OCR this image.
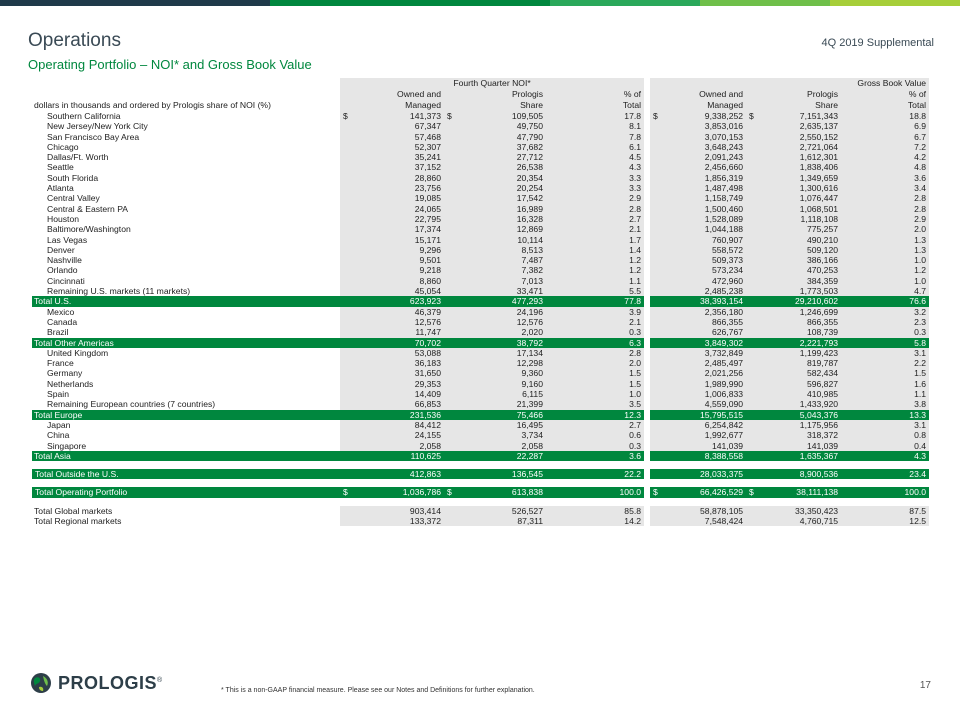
Operations
Operating Portfolio – NOI* and Gross Book Value
4Q 2019 Supplemental
	Fourth Quarter NOI*				Gross Book Value		
	Owned and	Prologis	% of		Owned and	Prologis	% of
dollars in thousands and ordered by Prologis share of NOI (%)	Managed	Share	Total		Managed	Share	Total
Southern California	$ 141,373	$ 109,505	17.8		$ 9,338,252	$ 7,151,343	18.8
New Jersey/New York City	67,347	49,750	8.1		3,853,016	2,635,137	6.9
San Francisco Bay Area	57,468	47,790	7.8		3,070,153	2,550,152	6.7
Chicago	52,307	37,682	6.1		3,648,243	2,721,064	7.2
Dallas/Ft. Worth	35,241	27,712	4.5		2,091,243	1,612,301	4.2
Seattle	37,152	26,538	4.3		2,456,660	1,838,406	4.8
South Florida	28,860	20,354	3.3		1,856,319	1,349,659	3.6
Atlanta	23,756	20,254	3.3		1,487,498	1,300,616	3.4
Central Valley	19,085	17,542	2.9		1,158,749	1,076,447	2.8
Central & Eastern PA	24,065	16,989	2.8		1,500,460	1,068,501	2.8
Houston	22,795	16,328	2.7		1,528,089	1,118,108	2.9
Baltimore/Washington	17,374	12,869	2.1		1,044,188	775,257	2.0
Las Vegas	15,171	10,114	1.7		760,907	490,210	1.3
Denver	9,296	8,513	1.4		558,572	509,120	1.3
Nashville	9,501	7,487	1.2		509,373	386,166	1.0
Orlando	9,218	7,382	1.2		573,234	470,253	1.2
Cincinnati	8,860	7,013	1.1		472,960	384,359	1.0
Remaining U.S. markets (11 markets)	45,054	33,471	5.5		2,485,238	1,773,503	4.7
Total U.S.	623,923	477,293	77.8		38,393,154	29,210,602	76.6
Mexico	46,379	24,196	3.9		2,356,180	1,246,699	3.2
Canada	12,576	12,576	2.1		866,355	866,355	2.3
Brazil	11,747	2,020	0.3		626,767	108,739	0.3
Total Other Americas	70,702	38,792	6.3		3,849,302	2,221,793	5.8
United Kingdom	53,088	17,134	2.8		3,732,849	1,199,423	3.1
France	36,183	12,298	2.0		2,485,497	819,787	2.2
Germany	31,650	9,360	1.5		2,021,256	582,434	1.5
Netherlands	29,353	9,160	1.5		1,989,990	596,827	1.6
Spain	14,409	6,115	1.0		1,006,833	410,985	1.1
Remaining European countries (7 countries)	66,853	21,399	3.5		4,559,090	1,433,920	3.8
Total Europe	231,536	75,466	12.3		15,795,515	5,043,376	13.3
Japan	84,412	16,495	2.7		6,254,842	1,175,956	3.1
China	24,155	3,734	0.6		1,992,677	318,372	0.8
Singapore	2,058	2,058	0.3		141,039	141,039	0.4
Total Asia	110,625	22,287	3.6		8,388,558	1,635,367	4.3

Total Outside the U.S.	412,863	136,545	22.2		28,033,375	8,900,536	23.4

Total Operating Portfolio	$ 1,036,786	$ 613,838	100.0		$ 66,426,529	$ 38,111,138	100.0

Total Global markets	903,414	526,527	85.8		58,878,105	33,350,423	87.5
Total Regional markets	133,372	87,311	14.2		7,548,424	4,760,715	12.5
PROLOGIS®
* This is a non-GAAP financial measure. Please see our Notes and Definitions for further explanation.	17
